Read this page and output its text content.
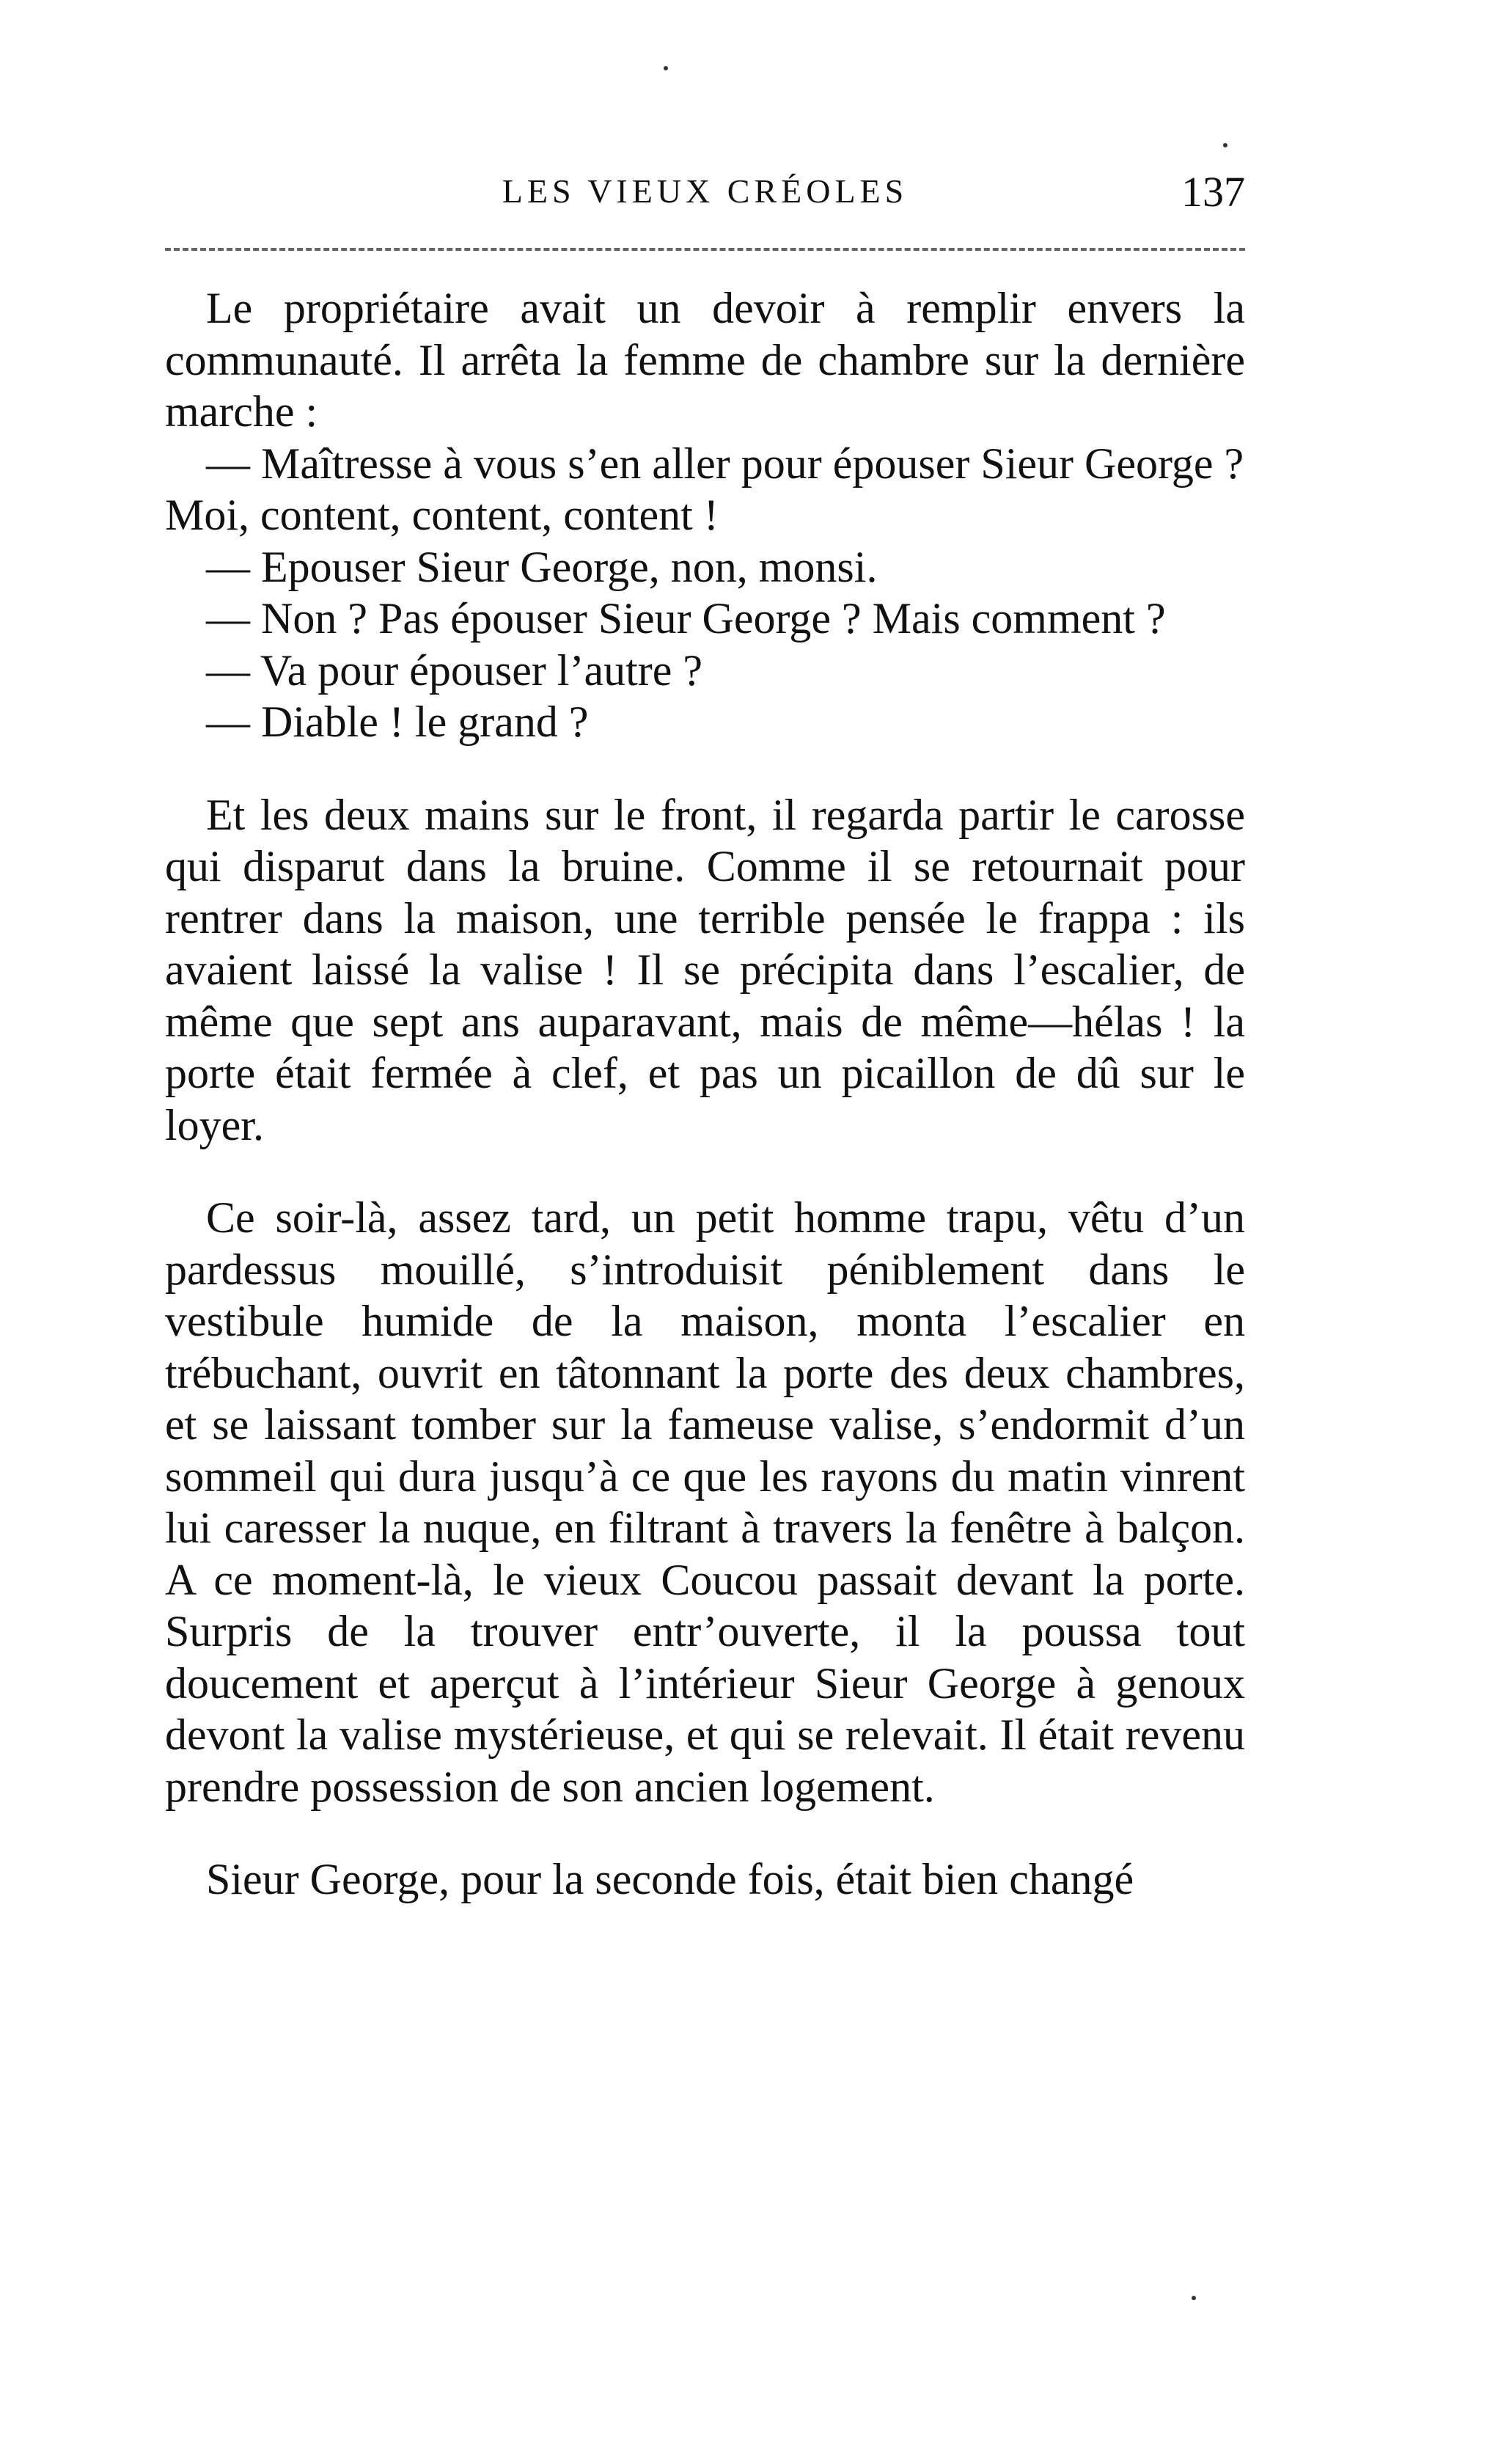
LES VIEUX CRÉOLES	137

Le propriétaire avait un devoir à remplir envers la communauté. Il arrêta la femme de chambre sur la dernière marche :

— Maîtresse à vous s’en aller pour épouser Sieur George ? Moi, content, content, content !

— Epouser Sieur George, non, monsi.

— Non ? Pas épouser Sieur George ? Mais comment ?

— Va pour épouser l’autre ?

— Diable ! le grand ?

Et les deux mains sur le front, il regarda partir le carosse qui disparut dans la bruine. Comme il se retournait pour rentrer dans la maison, une terrible pensée le frappa : ils avaient laissé la valise ! Il se précipita dans l’escalier, de même que sept ans auparavant, mais de même—hélas ! la porte était fermée à clef, et pas un picaillon de dû sur le loyer.

Ce soir-là, assez tard, un petit homme trapu, vêtu d’un pardessus mouillé, s’introduisit péniblement dans le vestibule humide de la maison, monta l’escalier en trébuchant, ouvrit en tâtonnant la porte des deux chambres, et se laissant tomber sur la fameuse valise, s’endormit d’un sommeil qui dura jusqu’à ce que les rayons du matin vinrent lui caresser la nuque, en filtrant à travers la fenêtre à balçon. A ce moment-là, le vieux Coucou passait devant la porte. Surpris de la trouver entr’ouverte, il la poussa tout doucement et aperçut à l’intérieur Sieur George à genoux devont la valise mystérieuse, et qui se relevait. Il était revenu prendre possession de son ancien logement.

Sieur George, pour la seconde fois, était bien changé
